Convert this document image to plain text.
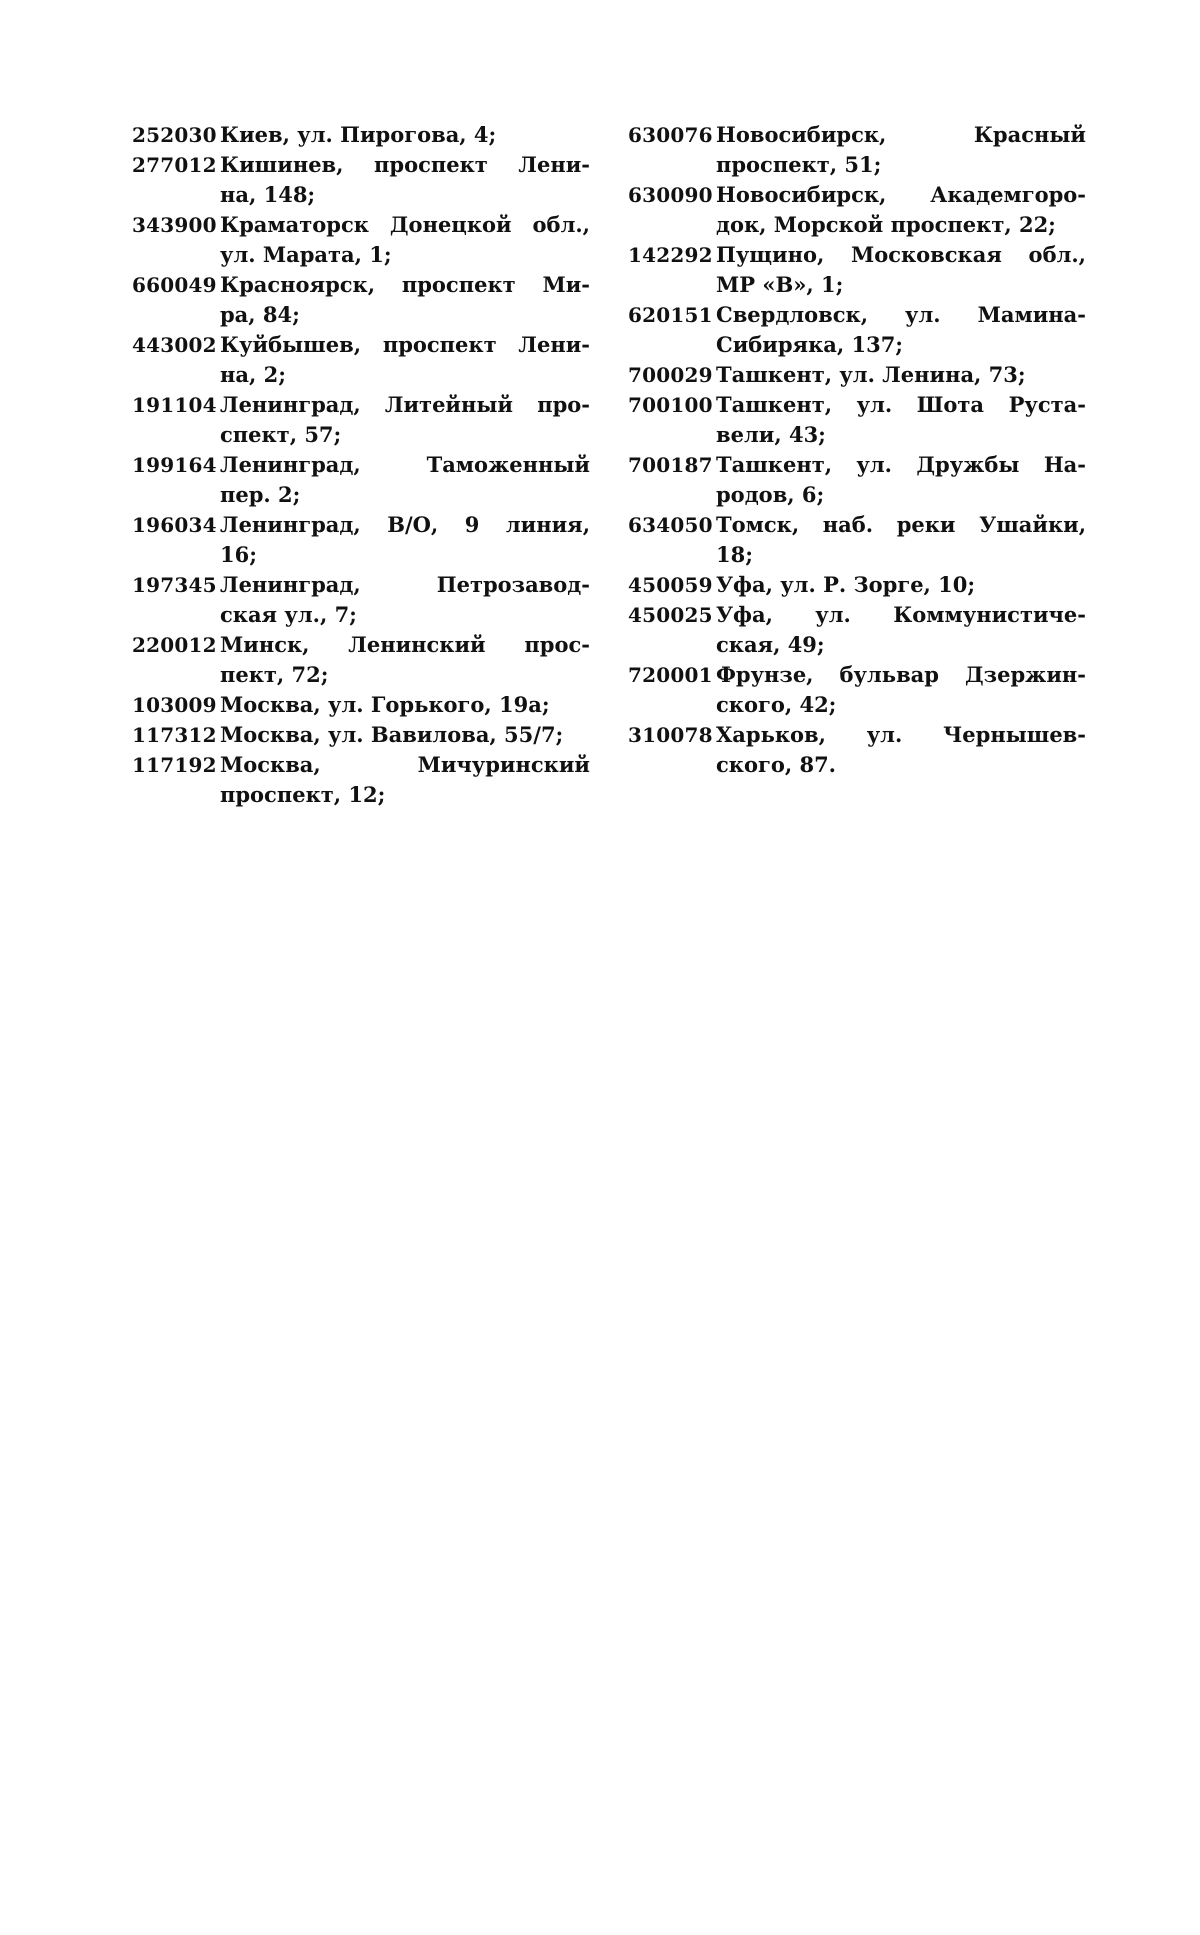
252030 Киев, ул. Пирогова, 4;
277012 Кишинев, проспект Лени-
на, 148;
343900 Краматорск Донецкой обл.,
ул. Марата, 1;
660049 Красноярск, проспект Ми-
ра, 84;
443002 Куйбышев, проспект Лени-
на, 2;
191104 Ленинград, Литейный про-
спект, 57;
199164 Ленинград, Таможенный
пер. 2;
196034 Ленинград, В/О, 9 линия,
16;
197345 Ленинград, Петрозавод-
ская ул., 7;
220012 Минск, Ленинский прос-
пект, 72;
103009 Москва, ул. Горького, 19а;
117312 Москва, ул. Вавилова, 55/7;
117192 Москва, Мичуринский
проспект, 12;
630076 Новосибирск, Красный
проспект, 51;
630090 Новосибирск, Академгоро-
док, Морской проспект, 22;
142292 Пущино, Московская обл.,
МР «В», 1;
620151 Свердловск, ул. Мамина-
Сибиряка, 137;
700029 Ташкент, ул. Ленина, 73;
700100 Ташкент, ул. Шота Руста-
вели, 43;
700187 Ташкент, ул. Дружбы На-
родов, 6;
634050 Томск, наб. реки Ушайки,
18;
450059 Уфа, ул. Р. Зорге, 10;
450025 Уфа, ул. Коммунистиче-
ская, 49;
720001 Фрунзе, бульвар Дзержин-
ского, 42;
310078 Харьков, ул. Чернышев-
ского, 87.
